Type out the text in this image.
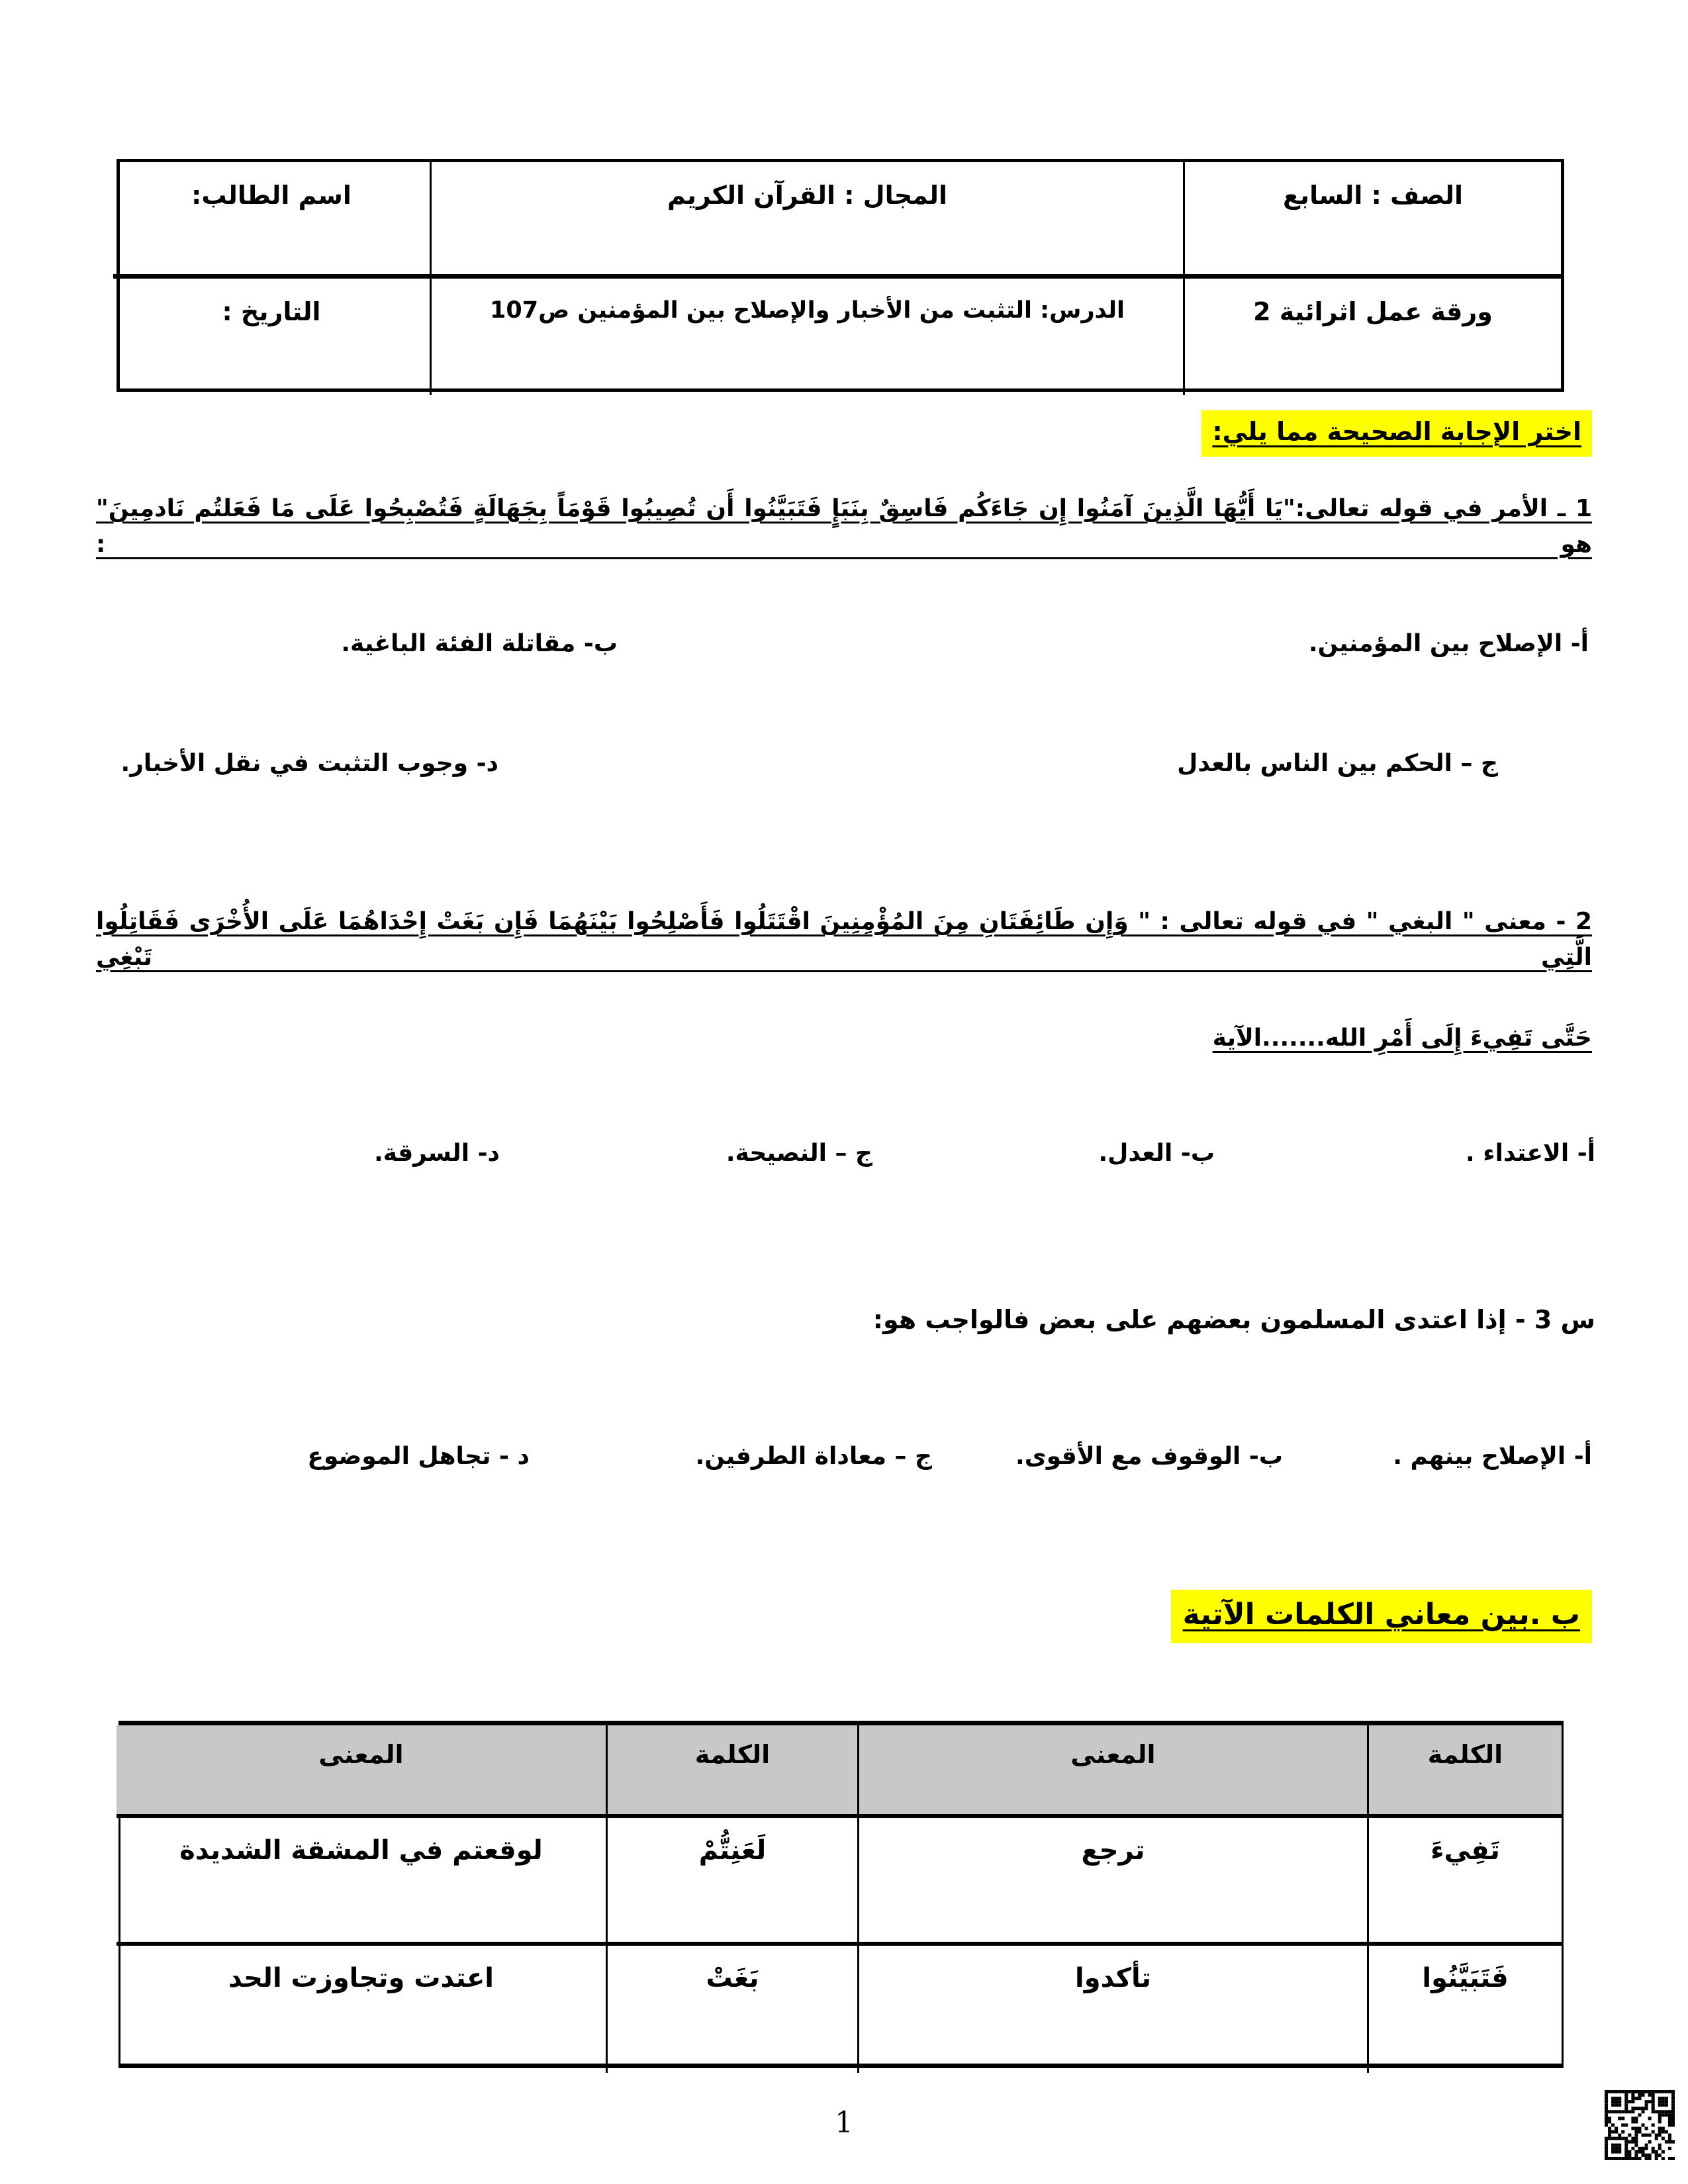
الصف : السابع
المجال : القرآن الكريم
اسم الطالب:
ورقة عمل اثرائية 2
الدرس: التثبت من الأخبار والإصلاح بين المؤمنين ص107
التاريخ :
اختر الإجابة الصحيحة مما يلي:
1 ـ الأمر في قوله تعالى:"يَا أَيُّهَا الَّذِينَ آمَنُوا إِن جَاءَكُم فَاسِقٌ بِنَبَإٍ فَتَبَيَّنُوا أَن تُصِيبُوا قَوْمَاً بِجَهَالَةٍ فَتُصْبِحُوا عَلَى مَا فَعَلتُم نَادمِينَ" هو :
أ- الإصلاح بين المؤمنين.
ب- مقاتلة الفئة الباغية.
ج – الحكم بين الناس بالعدل
د- وجوب التثبت في نقل الأخبار.
2 - معنى " البغي " في قوله تعالى : " وَإِن طَائِفَتَانِ مِنَ المُؤْمِنِينَ اقْتَتَلُوا فَأَصْلِحُوا بَيْنَهُمَا فَإِن بَغَتْ إِحْدَاهُمَا عَلَى الأُخْرَى فَقَاتِلُوا الَّتِي تَبْغِي
حَتَّى تَفِيءَ إِلَى أَمْرِ الله.......الآية
أ- الاعتداء .
ب- العدل.
ج – النصيحة.
د- السرقة.
س 3 - إذا اعتدى المسلمون بعضهم على بعض فالواجب هو:
أ- الإصلاح بينهم .
ب- الوقوف مع الأقوى.
ج – معاداة الطرفين.
د - تجاهل الموضوع
ب .بين معاني الكلمات الآتية
الكلمة
المعنى
الكلمة
المعنى
تَفِيءَ
ترجع
لَعَنِتُّمْ
لوقعتم في المشقة الشديدة
فَتَبَيَّنُوا
تأكدوا
بَغَتْ
اعتدت وتجاوزت الحد
1
